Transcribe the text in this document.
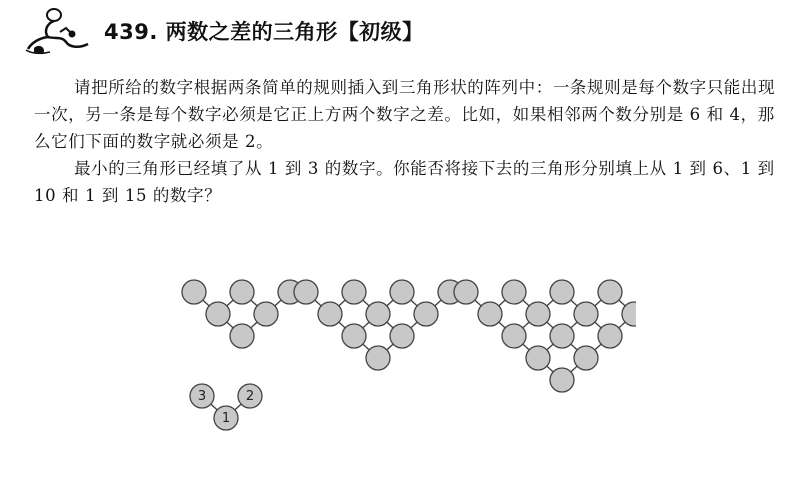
439. 两数之差的三角形【初级】

请把所给的数字根据两条简单的规则插入到三角形状的阵列中：一条规则是每个数字只能出现一次，另一条是每个数字必须是它正上方两个数字之差。比如，如果相邻两个数分别是 6 和 4，那么它们下面的数字就必须是 2。

最小的三角形已经填了从 1 到 3 的数字。你能否将接下去的三角形分别填上从 1 到 6、1 到 10 和 1 到 15 的数字？

3	2
1
